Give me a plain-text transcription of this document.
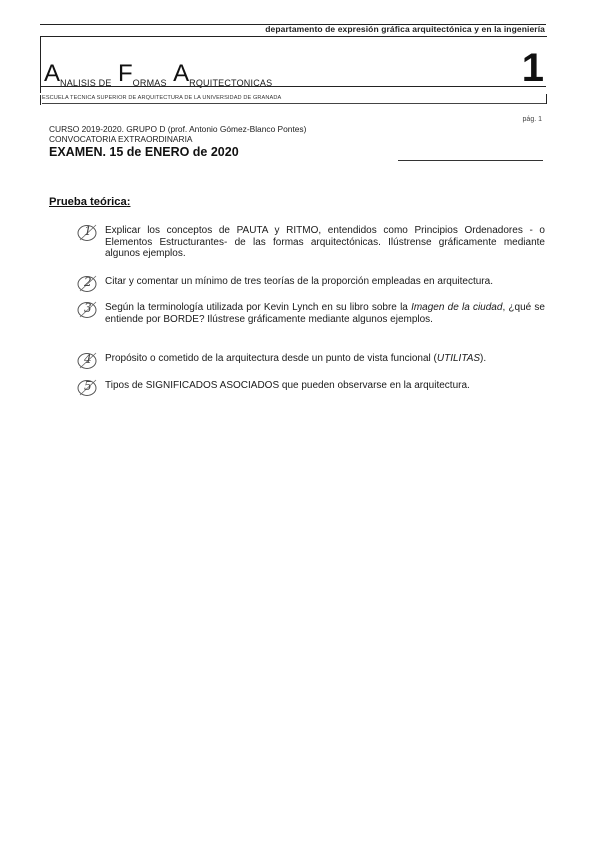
departamento de expresión gráfica arquitectónica y en la ingeniería
ANALISIS DE FORMAS ARQUITECTONICAS	1
ESCUELA TECNICA SUPERIOR DE ARQUITECTURA DE LA UNIVERSIDAD DE GRANADA
pág. 1
CURSO 2019-2020. GRUPO D (prof. Antonio Gómez-Blanco Pontes)
CONVOCATORIA EXTRAORDINARIA
EXAMEN. 15 de ENERO de 2020
Prueba teórica:
1 Explicar los conceptos de PAUTA y RITMO, entendidos como Principios Ordenadores - o Elementos Estructurantes- de las formas arquitectónicas. Ilústrense gráficamente mediante algunos ejemplos.
2 Citar y comentar un mínimo de tres teorías de la proporción empleadas en arquitectura.
3 Según la terminología utilizada por Kevin Lynch en su libro sobre la Imagen de la ciudad, ¿qué se entiende por BORDE? Ilústrese gráficamente mediante algunos ejemplos.
4 Propósito o cometido de la arquitectura desde un punto de vista funcional (UTILITAS).
5 Tipos de SIGNIFICADOS ASOCIADOS que pueden observarse en la arquitectura.
